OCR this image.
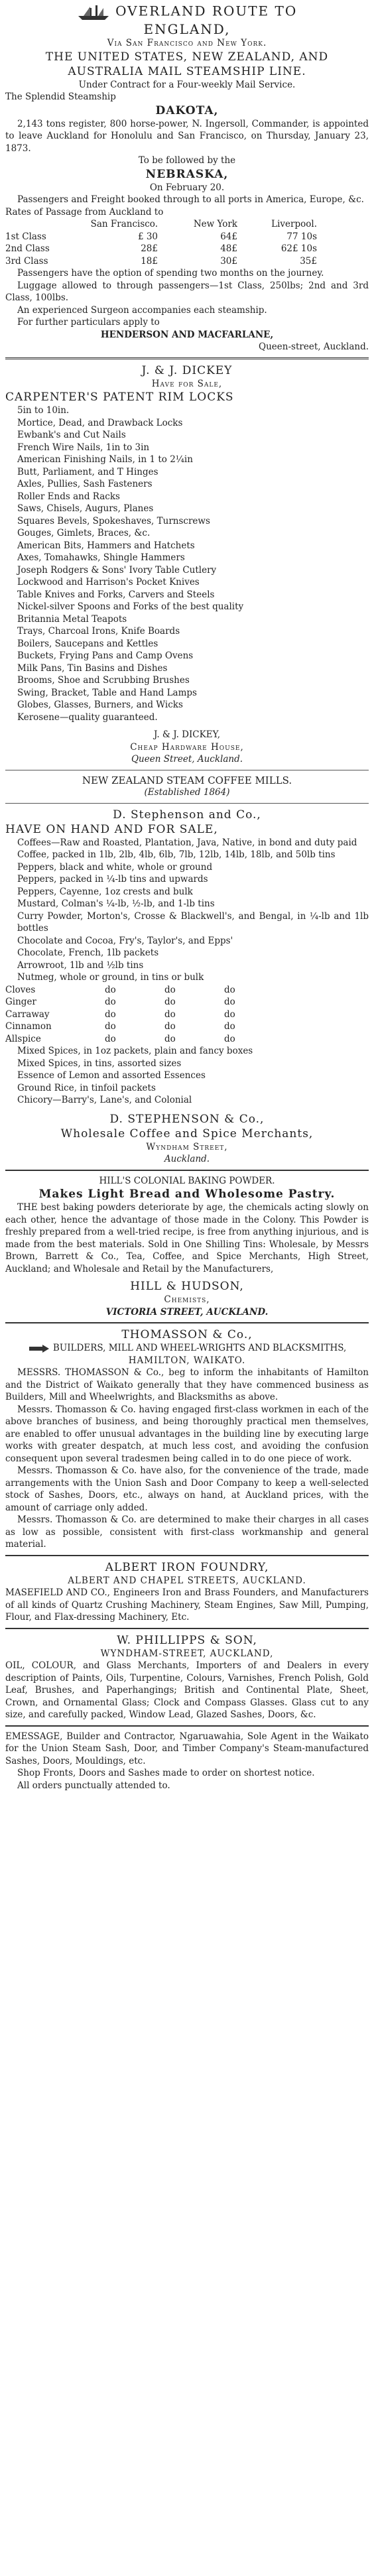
OVERLAND ROUTE TO
ENGLAND,
Via San Francisco and New York.
THE UNITED STATES, NEW ZEALAND, AND
AUSTRALIA MAIL STEAMSHIP LINE.
Under Contract for a Four-weekly Mail Service.
The Splendid Steamship
DAKOTA,
2,143 tons register, 800 horse-power, N. Ingersoll, Commander, is appointed to leave Auckland for Honolulu and San Francisco, on Thursday, January 23, 1873.
To be followed by the
NEBRASKA,
On February 20.
Passengers and Freight booked through to all ports in America, Europe, &c.
Rates of Passage from Auckland to
San Francisco.	New York	Liverpool.
1st Class	£ 30	64£	77 10s
2nd Class	28£	48£	62£ 10s
3rd Class	18£	30£	35£
Passengers have the option of spending two months on the journey.
Luggage allowed to through passengers—1st Class, 250lbs; 2nd and 3rd Class, 100lbs.
An experienced Surgeon accompanies each steamship.
For further particulars apply to
HENDERSON AND MACFARLANE,
Queen-street, Auckland.
J. & J. DICKEY
Have for Sale,
CARPENTER'S PATENT RIM LOCKS
5in to 10in.
Mortice, Dead, and Drawback Locks
Ewbank's and Cut Nails
French Wire Nails, 1in to 3in
American Finishing Nails, in 1 to 2¼in
Butt, Parliament, and T Hinges
Axles, Pullies, Sash Fasteners
Roller Ends and Racks
Saws, Chisels, Augurs, Planes
Squares Bevels, Spokeshaves, Turnscrews
Gouges, Gimlets, Braces, &c.
American Bits, Hammers and Hatchets
Axes, Tomahawks, Shingle Hammers
Joseph Rodgers & Sons' Ivory Table Cutlery
Lockwood and Harrison's Pocket Knives
Table Knives and Forks, Carvers and Steels
Nickel-silver Spoons and Forks of the best quality
Britannia Metal Teapots
Trays, Charcoal Irons, Knife Boards
Boilers, Saucepans and Kettles
Buckets, Frying Pans and Camp Ovens
Milk Pans, Tin Basins and Dishes
Brooms, Shoe and Scrubbing Brushes
Swing, Bracket, Table and Hand Lamps
Globes, Glasses, Burners, and Wicks
Kerosene—quality guaranteed.
J. & J. DICKEY,
Cheap Hardware House,
Queen Street, Auckland.
NEW ZEALAND STEAM COFFEE MILLS.
(Established 1864)
D. Stephenson and Co.,
HAVE ON HAND AND FOR SALE,
Coffees—Raw and Roasted, Plantation, Java, Native, in bond and duty paid
Coffee, packed in 1lb, 2lb, 4lb, 6lb, 7lb, 12lb, 14lb, 18lb, and 50lb tins
Peppers, black and white, whole or ground
Peppers, packed in ¼-lb tins and upwards
Peppers, Cayenne, 1oz crests and bulk
Mustard, Colman's ¼-lb, ½-lb, and 1-lb tins
Curry Powder, Morton's, Crosse & Blackwell's, and Bengal, in ¼-lb and 1lb bottles
Chocolate and Cocoa, Fry's, Taylor's, and Epps'
Chocolate, French, 1lb packets
Arrowroot, 1lb and ½lb tins
Nutmeg, whole or ground, in tins or bulk
Cloves	do	do	do
Ginger	do	do	do
Carraway	do	do	do
Cinnamon	do	do	do
Allspice	do	do	do
Mixed Spices, in 1oz packets, plain and fancy boxes
Mixed Spices, in tins, assorted sizes
Essence of Lemon and assorted Essences
Ground Rice, in tinfoil packets
Chicory—Barry's, Lane's, and Colonial
D. STEPHENSON & Co.,
Wholesale Coffee and Spice Merchants,
Wyndham Street,
Auckland.
HILL'S COLONIAL BAKING POWDER.
Makes Light Bread and Wholesome Pastry.
THE best baking powders deteriorate by age, the chemicals acting slowly on each other, hence the advantage of those made in the Colony. This Powder is freshly prepared from a well-tried recipe, is free from anything injurious, and is made from the best materials. Sold in One Shilling Tins: Wholesale, by Messrs Brown, Barrett & Co., Tea, Coffee, and Spice Merchants, High Street, Auckland; and Wholesale and Retail by the Manufacturers,
HILL & HUDSON,
Chemists,
VICTORIA STREET, AUCKLAND.
THOMASSON & Co.,
BUILDERS, MILL AND WHEEL-WRIGHTS AND BLACKSMITHS,
HAMILTON, WAIKATO.
MESSRS. THOMASSON & Co., beg to inform the inhabitants of Hamilton and the District of Waikato generally that they have commenced business as Builders, Mill and Wheelwrights, and Blacksmiths as above.
Messrs. Thomasson & Co. having engaged first-class workmen in each of the above branches of business, and being thoroughly practical men themselves, are enabled to offer unusual advantages in the building line by executing large works with greater despatch, at much less cost, and avoiding the confusion consequent upon several tradesmen being called in to do one piece of work.
Messrs. Thomasson & Co. have also, for the convenience of the trade, made arrangements with the Union Sash and Door Company to keep a well-selected stock of Sashes, Doors, etc., always on hand, at Auckland prices, with the amount of carriage only added.
Messrs. Thomasson & Co. are determined to make their charges in all cases as low as possible, consistent with first-class workmanship and general material.
ALBERT IRON FOUNDRY,
ALBERT AND CHAPEL STREETS, AUCKLAND.
MASEFIELD AND CO., Engineers Iron and Brass Founders, and Manufacturers of all kinds of Quartz Crushing Machinery, Steam Engines, Saw Mill, Pumping, Flour, and Flax-dressing Machinery, Etc.
W. PHILLIPPS & SON,
WYNDHAM-STREET, AUCKLAND,
OIL, COLOUR, and Glass Merchants, Importers of and Dealers in every description of Paints, Oils, Turpentine, Colours, Varnishes, French Polish, Gold Leaf, Brushes, and Paperhangings; British and Continental Plate, Sheet, Crown, and Ornamental Glass; Clock and Compass Glasses. Glass cut to any size, and carefully packed, Window Lead, Glazed Sashes, Doors, &c.
EMESSAGE, Builder and Contractor, Ngaruawahia, Sole Agent in the Waikato for the Union Steam Sash, Door, and Timber Company's Steam-manufactured Sashes, Doors, Mouldings, etc.
Shop Fronts, Doors and Sashes made to order on shortest notice.
All orders punctually attended to.
